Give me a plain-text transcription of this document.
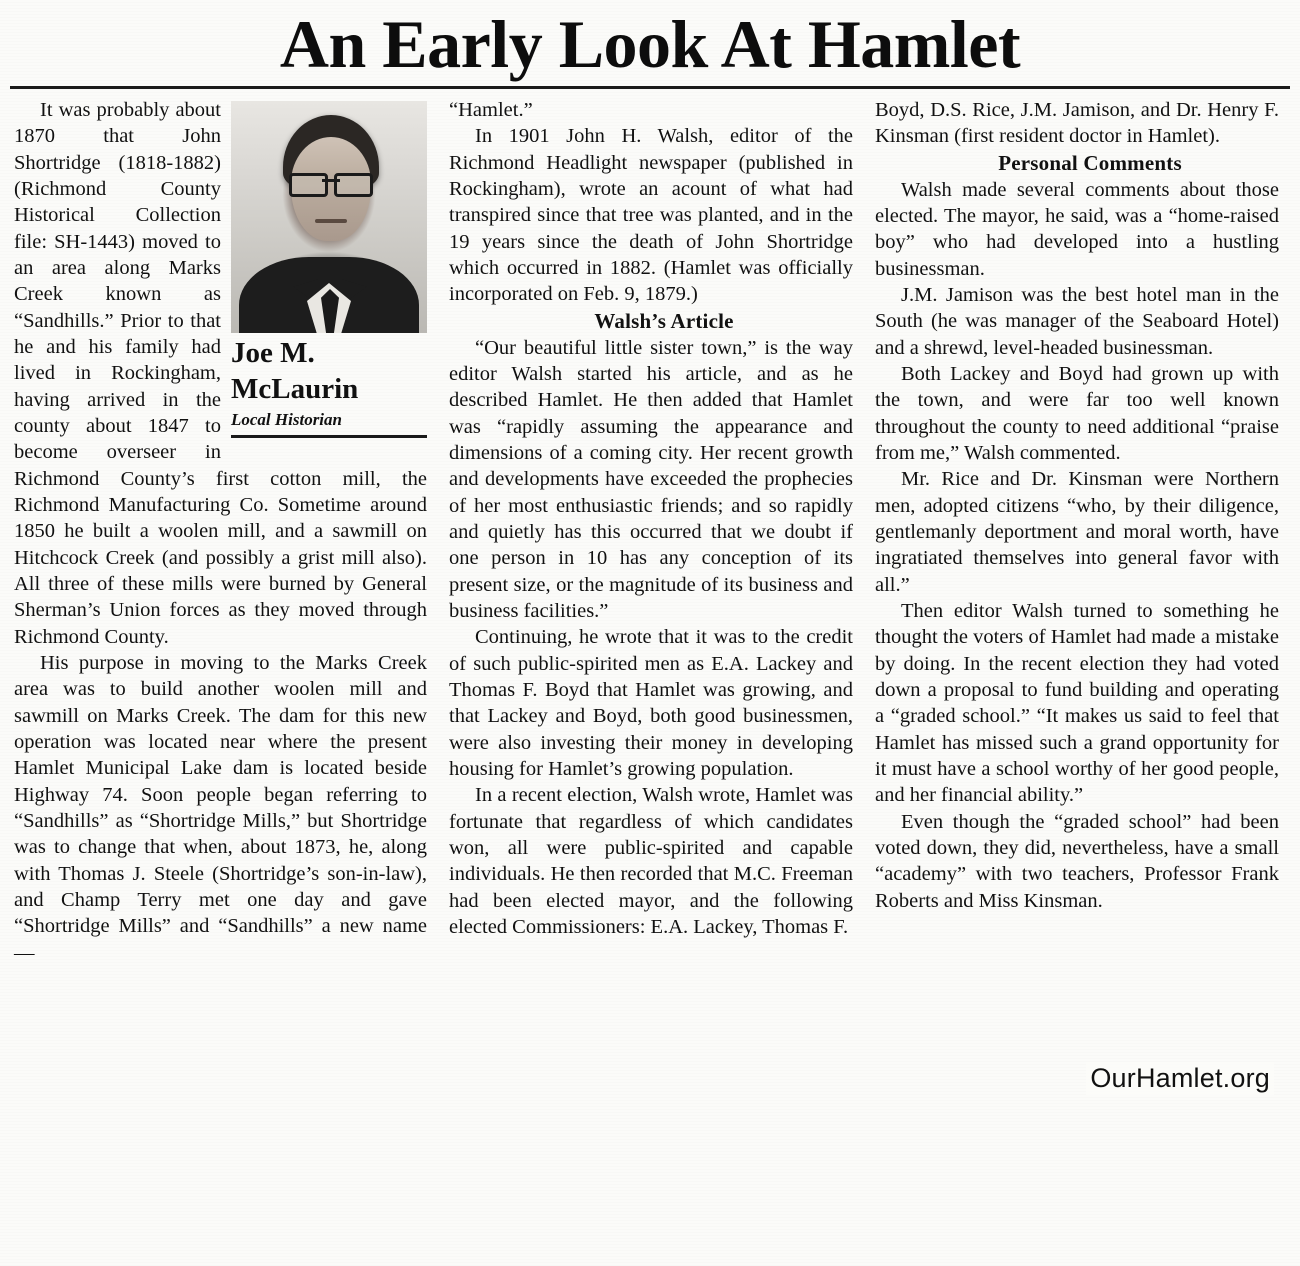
An Early Look At Hamlet
Joe M.
McLaurin
Local Historian

It was probably about 1870 that John Shortridge (1818-1882) (Richmond County Historical Collection file: SH-1443) moved to an area along Marks Creek known as “Sandhills.” Prior to that he and his family had lived in Rockingham, having arrived in the county about 1847 to become overseer in Richmond County’s first cotton mill, the Richmond Manufacturing Co. Sometime around 1850 he built a woolen mill, and a sawmill on Hitchcock Creek (and possibly a grist mill also). All three of these mills were burned by General Sherman’s Union forces as they moved through Richmond County.

His purpose in moving to the Marks Creek area was to build another woolen mill and sawmill on Marks Creek. The dam for this new operation was located near where the present Hamlet Municipal Lake dam is located beside Highway 74. Soon people began referring to “Sandhills” as “Shortridge Mills,” but Shortridge was to change that when, about 1873, he, along with Thomas J. Steele (Shortridge’s son-in-law), and Champ Terry met one day and gave “Shortridge Mills” and “Sandhills” a new name —

“Hamlet.”

In 1901 John H. Walsh, editor of the Richmond Headlight newspaper (published in Rockingham), wrote an acount of what had transpired since that tree was planted, and in the 19 years since the death of John Shortridge which occurred in 1882. (Hamlet was officially incorporated on Feb. 9, 1879.)

Walsh’s Article

“Our beautiful little sister town,” is the way editor Walsh started his article, and as he described Hamlet. He then added that Hamlet was “rapidly assuming the appearance and dimensions of a coming city. Her recent growth and developments have exceeded the prophecies of her most enthusiastic friends; and so rapidly and quietly has this occurred that we doubt if one person in 10 has any conception of its present size, or the magnitude of its business and business facilities.”

Continuing, he wrote that it was to the credit of such public-spirited men as E.A. Lackey and Thomas F. Boyd that Hamlet was growing, and that Lackey and Boyd, both good businessmen, were also investing their money in developing housing for Hamlet’s growing population.

In a recent election, Walsh wrote, Hamlet was fortunate that regardless of which candidates won, all were public-spirited and capable individuals. He then recorded that M.C. Freeman had been elected mayor, and the following elected Commissioners: E.A. Lackey, Thomas F.

Boyd, D.S. Rice, J.M. Jamison, and Dr. Henry F. Kinsman (first resident doctor in Hamlet).

Personal Comments

Walsh made several comments about those elected. The mayor, he said, was a “home-raised boy” who had developed into a hustling businessman.

J.M. Jamison was the best hotel man in the South (he was manager of the Seaboard Hotel) and a shrewd, level-headed businessman.

Both Lackey and Boyd had grown up with the town, and were far too well known throughout the county to need additional “praise from me,” Walsh commented.

Mr. Rice and Dr. Kinsman were Northern men, adopted citizens “who, by their diligence, gentlemanly deportment and moral worth, have ingratiated themselves into general favor with all.”

Then editor Walsh turned to something he thought the voters of Hamlet had made a mistake by doing. In the recent election they had voted down a proposal to fund building and operating a “graded school.” “It makes us said to feel that Hamlet has missed such a grand opportunity for it must have a school worthy of her good people, and her financial ability.”

Even though the “graded school” had been voted down, they did, nevertheless, have a small “academy” with two teachers, Professor Frank Roberts and Miss Kinsman.

OurHamlet.org
